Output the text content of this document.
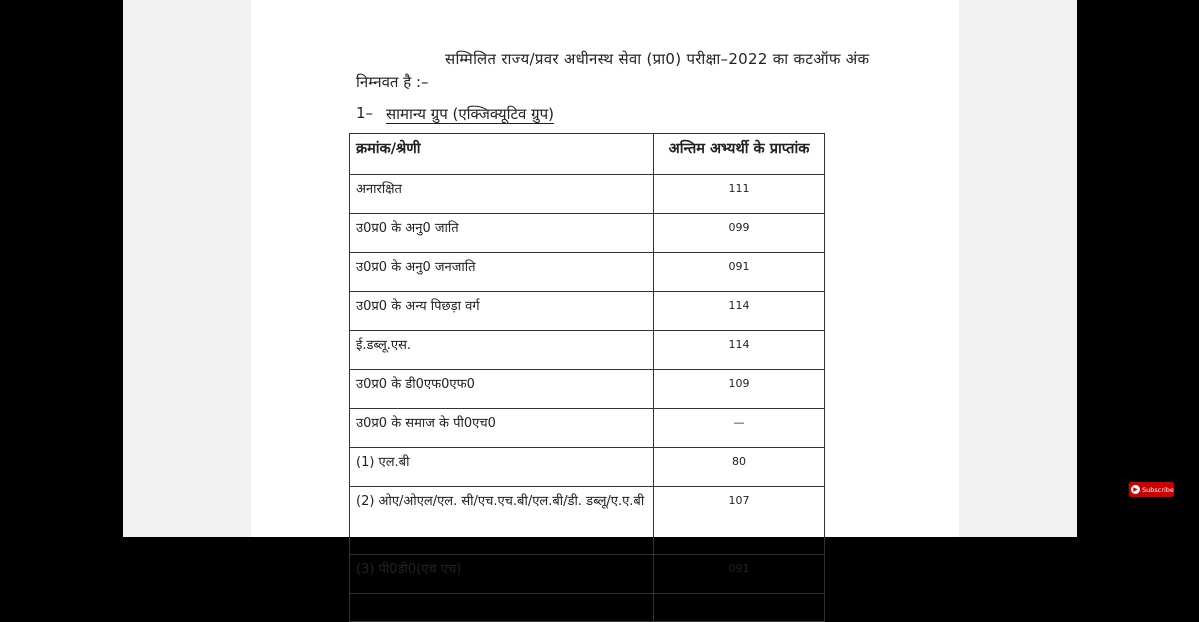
सम्मिलित राज्य/प्रवर अधीनस्थ सेवा (प्रा0) परीक्षा–2022 का कटऑफ अंक
निम्नवत है :–
1– सामान्य ग्रुप (एक्जिक्यूटिव ग्रुप)
क्रमांक/श्रेणी	अन्तिम अभ्यर्थी के प्राप्तांक
अनारक्षित	111
उ0प्र0 के अनु0 जाति	099
उ0प्र0 के अनु0 जनजाति	091
उ0प्र0 के अन्य पिछड़ा वर्ग	114
ई.डब्लू.एस.	114
उ0प्र0 के डी0एफ0एफ0	109
उ0प्र0 के समाज के पी0एच0	—
(1) एल.बी	80
(2) ओए/ओएल/एल. सी/एच.एच.बी/एल.बी/डी. डब्लू/ए.ए.बी	107
(3) पी0डी0(एच एच)	091

▶ Subscribe
